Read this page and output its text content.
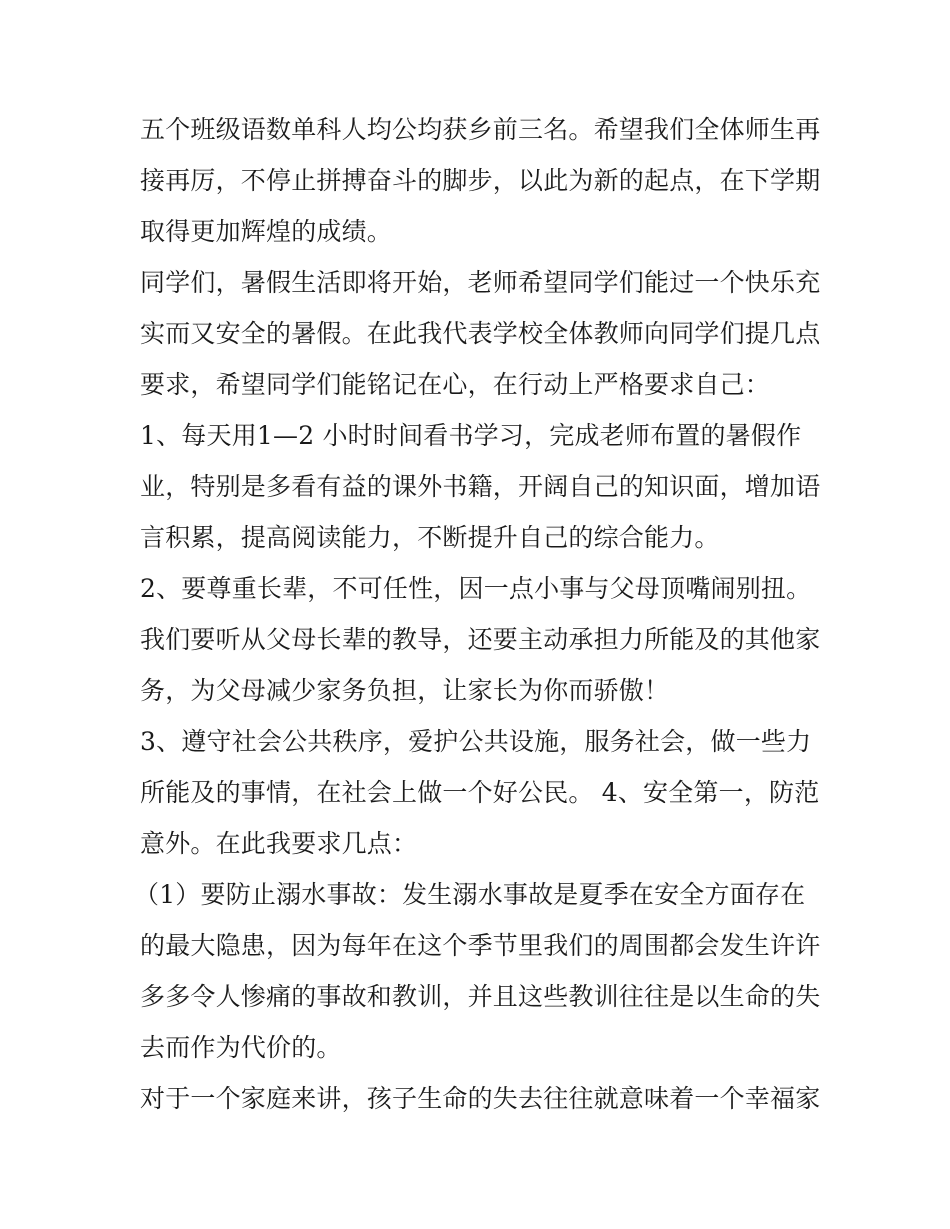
五个班级语数单科人均公均获乡前三名。希望我们全体师生再
接再厉，不停止拼搏奋斗的脚步，以此为新的起点，在下学期
取得更加辉煌的成绩。
同学们，暑假生活即将开始，老师希望同学们能过一个快乐充
实而又安全的暑假。在此我代表学校全体教师向同学们提几点
要求，希望同学们能铭记在心，在行动上严格要求自己：
1、每天用1—2 小时时间看书学习，完成老师布置的暑假作
业，特别是多看有益的课外书籍，开阔自己的知识面，增加语
言积累，提高阅读能力，不断提升自己的综合能力。
2、要尊重长辈，不可任性，因一点小事与父母顶嘴闹别扭。
我们要听从父母长辈的教导，还要主动承担力所能及的其他家
务，为父母减少家务负担，让家长为你而骄傲！
3、遵守社会公共秩序，爱护公共设施，服务社会，做一些力
所能及的事情，在社会上做一个好公民。 4、安全第一，防范
意外。在此我要求几点：
（1）要防止溺水事故：发生溺水事故是夏季在安全方面存在
的最大隐患，因为每年在这个季节里我们的周围都会发生许许
多多令人惨痛的事故和教训，并且这些教训往往是以生命的失
去而作为代价的。
对于一个家庭来讲，孩子生命的失去往往就意味着一个幸福家
